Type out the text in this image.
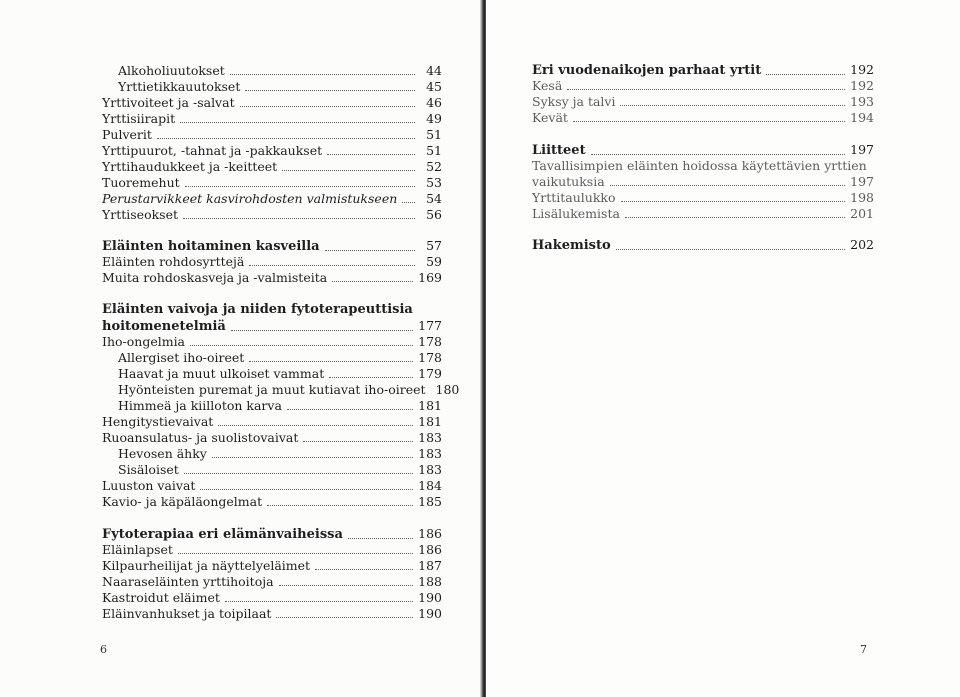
Alkoholiuutokset	44
Yrttietikkauutokset	45
Yrttivoiteet ja -salvat	46
Yrttisiirapit	49
Pulverit	51
Yrttipuurot, -tahnat ja -pakkaukset	51
Yrttihaudukkeet ja -keitteet	52
Tuoremehut	53
Perustarvikkeet kasvirohdosten valmistukseen	54
Yrttiseokset	56
Eläinten hoitaminen kasveilla	57
Eläinten rohdosyrttejä	59
Muita rohdoskasveja ja -valmisteita	169
Eläinten vaivoja ja niiden fytoterapeuttisia
hoitomenetelmiä	177
Iho-ongelmia	178
Allergiset iho-oireet	178
Haavat ja muut ulkoiset vammat	179
Hyönteisten puremat ja muut kutiavat iho-oireet 180
Himmeä ja kiilloton karva	181
Hengitystievaivat	181
Ruoansulatus- ja suolistovaivat	183
Hevosen ähky	183
Sisäloiset	183
Luuston vaivat	184
Kavio- ja käpäläongelmat	185
Fytoterapiaa eri elämänvaiheissa	186
Eläinlapset	186
Kilpaurheilijat ja näyttelyeläimet	187
Naaraseläinten yrttihoitoja	188
Kastroidut eläimet	190
Eläinvanhukset ja toipilaat	190
6
Eri vuodenaikojen parhaat yrtit	192
Kesä	192
Syksy ja talvi	193
Kevät	194
Liitteet	197
Tavallisimpien eläinten hoidossa käytettävien yrttien
vaikutuksia	197
Yrttitaulukko	198
Lisälukemista	201
Hakemisto	202
7
